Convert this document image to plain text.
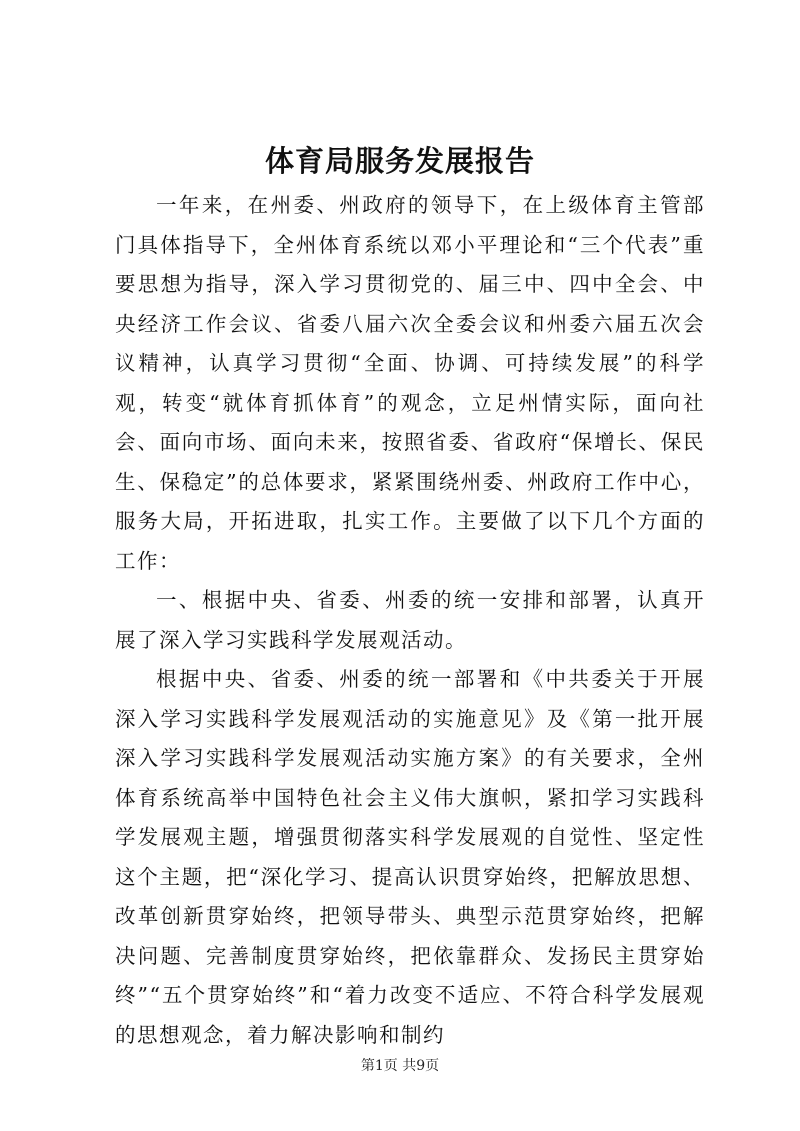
体育局服务发展报告

一年来，在州委、州政府的领导下，在上级体育主管部门具体指导下，全州体育系统以邓小平理论和“三个代表”重要思想为指导，深入学习贯彻党的、届三中、四中全会、中央经济工作会议、省委八届六次全委会议和州委六届五次会议精神，认真学习贯彻“全面、协调、可持续发展”的科学观，转变“就体育抓体育”的观念，立足州情实际，面向社会、面向市场、面向未来，按照省委、省政府“保增长、保民生、保稳定”的总体要求，紧紧围绕州委、州政府工作中心，服务大局，开拓进取，扎实工作。主要做了以下几个方面的工作：

一、根据中央、省委、州委的统一安排和部署，认真开展了深入学习实践科学发展观活动。

根据中央、省委、州委的统一部署和《中共委关于开展深入学习实践科学发展观活动的实施意见》及《第一批开展深入学习实践科学发展观活动实施方案》的有关要求，全州体育系统高举中国特色社会主义伟大旗帜，紧扣学习实践科学发展观主题，增强贯彻落实科学发展观的自觉性、坚定性这个主题，把“深化学习、提高认识贯穿始终，把解放思想、改革创新贯穿始终，把领导带头、典型示范贯穿始终，把解决问题、完善制度贯穿始终，把依靠群众、发扬民主贯穿始终”“五个贯穿始终”和“着力改变不适应、不符合科学发展观的思想观念，着力解决影响和制约

第1页 共9页
